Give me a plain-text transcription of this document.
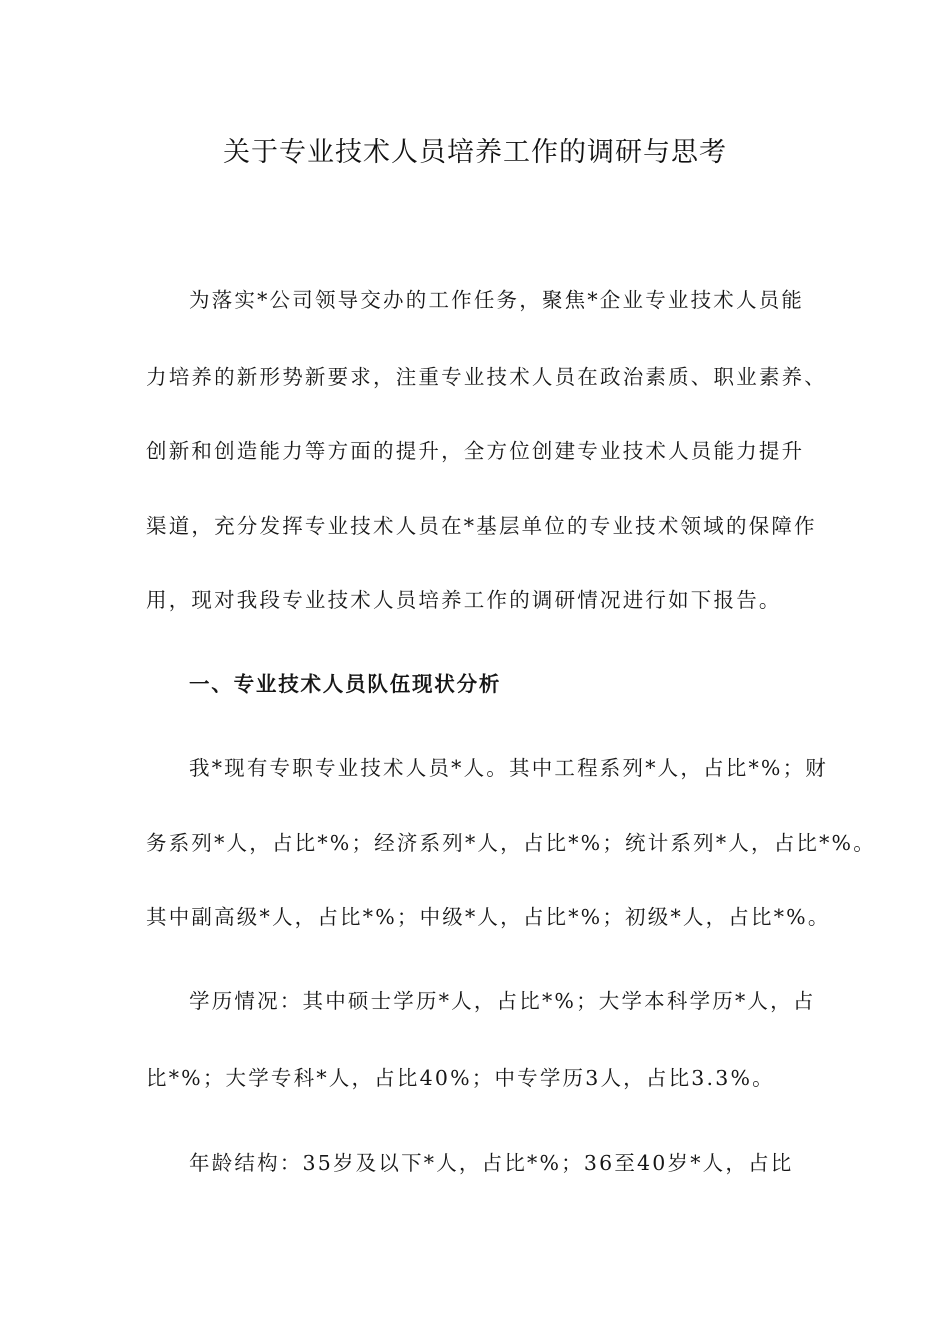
关于专业技术人员培养工作的调研与思考
为落实*公司领导交办的工作任务，聚焦*企业专业技术人员能
力培养的新形势新要求，注重专业技术人员在政治素质、职业素养、
创新和创造能力等方面的提升，全方位创建专业技术人员能力提升
渠道，充分发挥专业技术人员在*基层单位的专业技术领域的保障作
用，现对我段专业技术人员培养工作的调研情况进行如下报告。
一、专业技术人员队伍现状分析
我*现有专职专业技术人员*人。其中工程系列*人，占比*%；财
务系列*人，占比*%；经济系列*人，占比*%；统计系列*人，占比*%。
其中副高级*人，占比*%；中级*人，占比*%；初级*人，占比*%。
学历情况：其中硕士学历*人，占比*%；大学本科学历*人，占
比*%；大学专科*人，占比40%；中专学历3人，占比3.3%。
年龄结构：35岁及以下*人，占比*%；36至40岁*人，占比
